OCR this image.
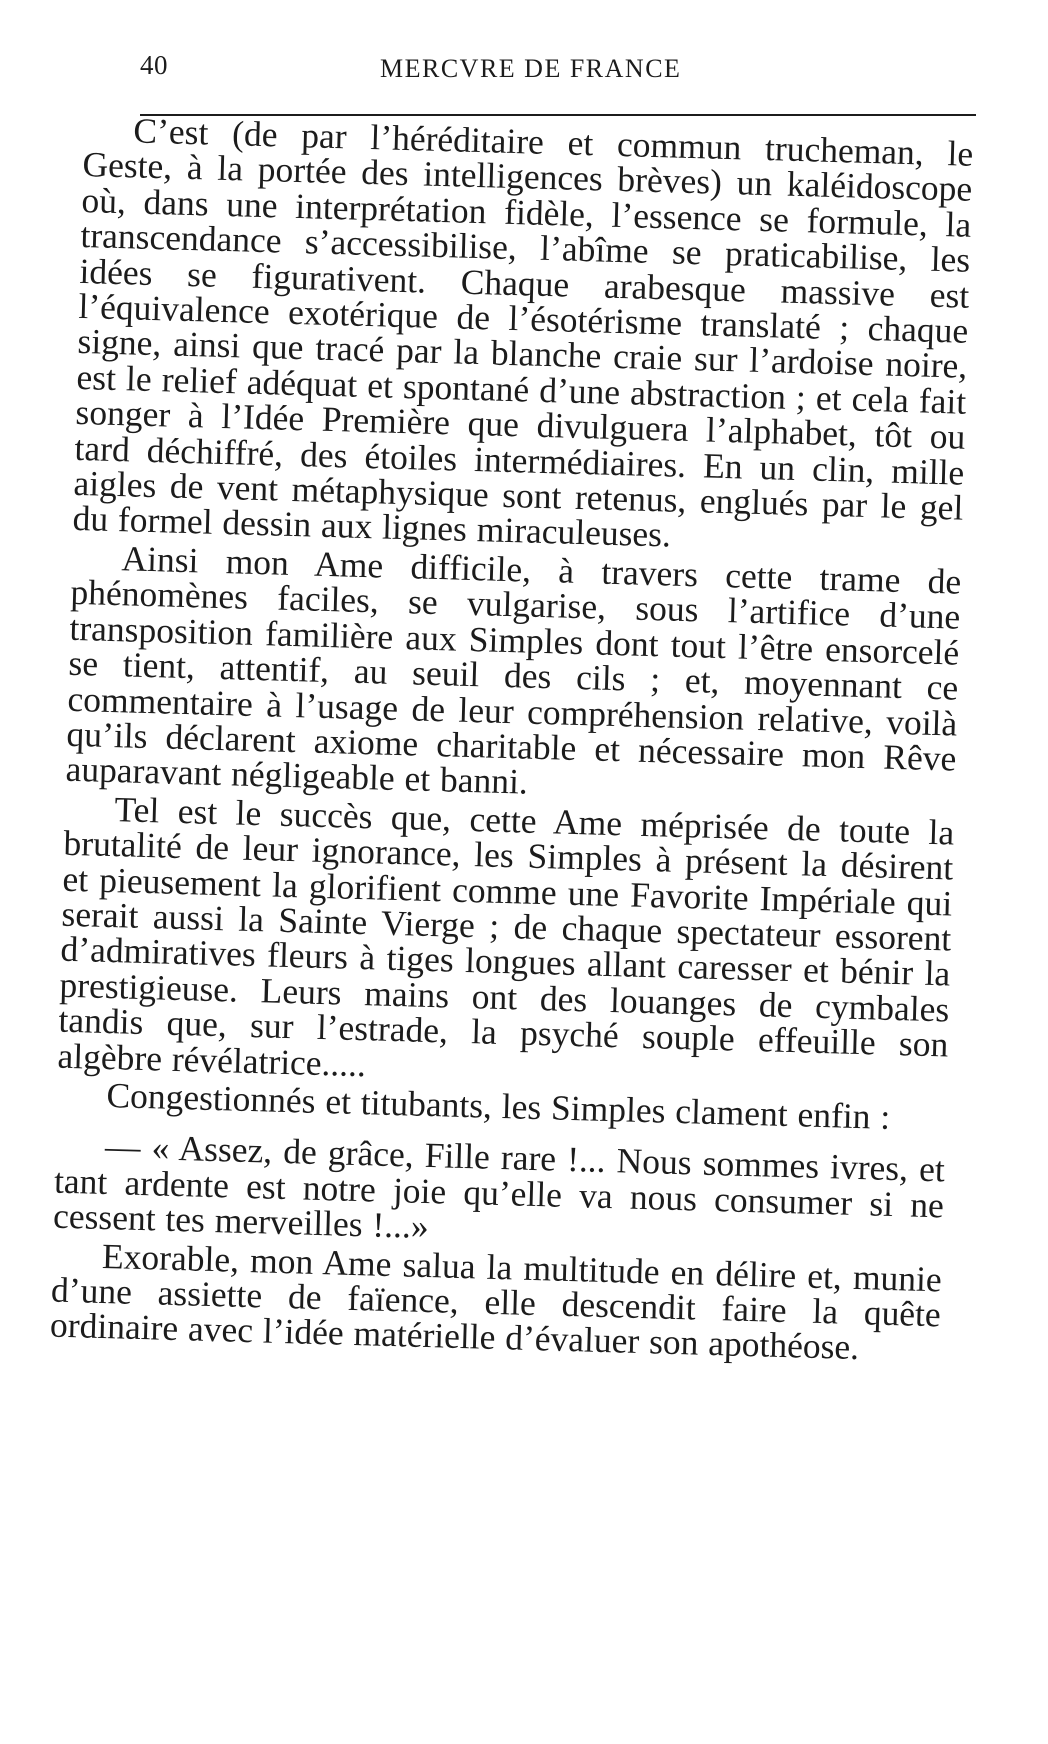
40	MERCVRE DE FRANCE

C’est (de par l’héréditaire et commun trucheman, le Geste, à la portée des intelligences brèves) un kaléidoscope où, dans une interprétation fidèle, l’essence se formule, la transcendance s’accessibilise, l’abîme se praticabilise, les idées se figurativent. Chaque arabesque massive est l’équivalence exotérique de l’ésotérisme translaté ; chaque signe, ainsi que tracé par la blanche craie sur l’ardoise noire, est le relief adéquat et spontané d’une abstraction ; et cela fait songer à l’Idée Première que divulguera l’alphabet, tôt ou tard déchiffré, des étoiles intermédiaires. En un clin, mille aigles de vent métaphysique sont retenus, englués par le gel du formel dessin aux lignes miraculeuses.

Ainsi mon Ame difficile, à travers cette trame de phénomènes faciles, se vulgarise, sous l’artifice d’une transposition familière aux Simples dont tout l’être ensorcelé se tient, attentif, au seuil des cils ; et, moyennant ce commentaire à l’usage de leur compréhension relative, voilà qu’ils déclarent axiome charitable et nécessaire mon Rêve auparavant négligeable et banni.

Tel est le succès que, cette Ame méprisée de toute la brutalité de leur ignorance, les Simples à présent la désirent et pieusement la glorifient comme une Favorite Impériale qui serait aussi la Sainte Vierge ; de chaque spectateur essorent d’admiratives fleurs à tiges longues allant caresser et bénir la prestigieuse. Leurs mains ont des louanges de cymbales tandis que, sur l’estrade, la psyché souple effeuille son algèbre révélatrice.....

Congestionnés et titubants, les Simples clament enfin :

— « Assez, de grâce, Fille rare !... Nous sommes ivres, et tant ardente est notre joie qu’elle va nous consumer si ne cessent tes merveilles !...»

Exorable, mon Ame salua la multitude en délire et, munie d’une assiette de faïence, elle descendit faire la quête ordinaire avec l’idée matérielle d’évaluer son apothéose.
